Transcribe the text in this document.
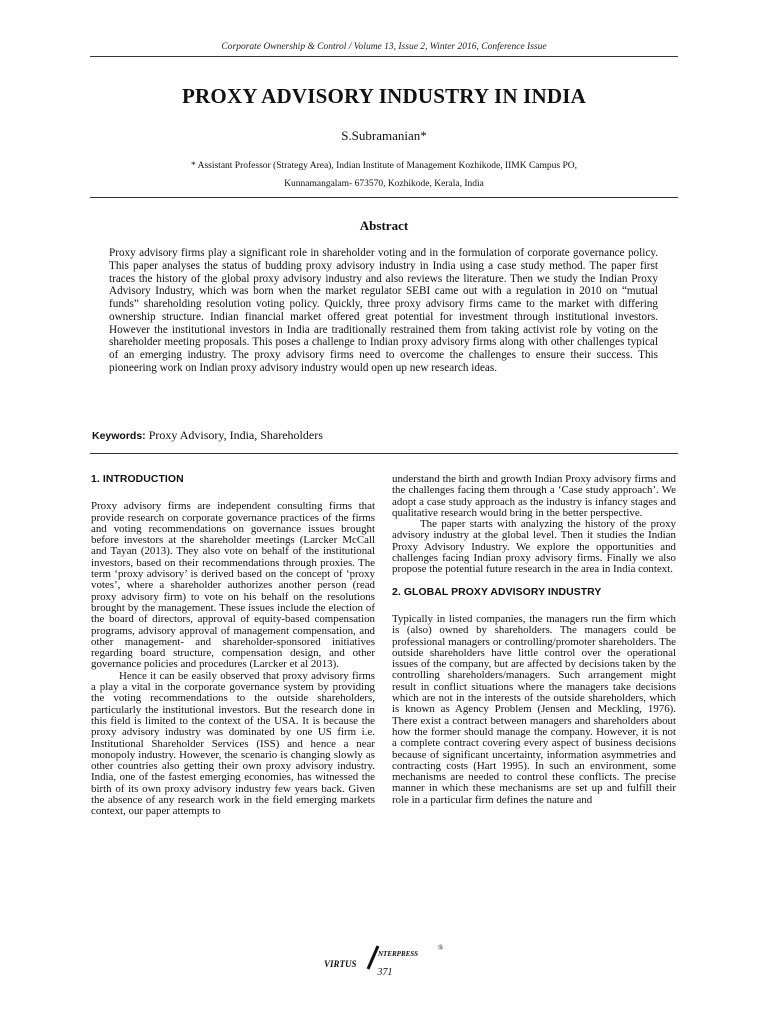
Corporate Ownership & Control / Volume 13, Issue 2, Winter 2016, Conference Issue
PROXY ADVISORY INDUSTRY IN INDIA
S.Subramanian*
* Assistant Professor (Strategy Area), Indian Institute of Management Kozhikode, IIMK Campus PO,
Kunnamangalam- 673570, Kozhikode, Kerala, India
Abstract

Proxy advisory firms play a significant role in shareholder voting and in the formulation of corporate governance policy. This paper analyses the status of budding proxy advisory industry in India using a case study method. The paper first traces the history of the global proxy advisory industry and also reviews the literature. Then we study the Indian Proxy Advisory Industry, which was born when the market regulator SEBI came out with a regulation in 2010 on “mutual funds” shareholding resolution voting policy. Quickly, three proxy advisory firms came to the market with differing ownership structure. Indian financial market offered great potential for investment through institutional investors. However the institutional investors in India are traditionally restrained them from taking activist role by voting on the shareholder meeting proposals. This poses a challenge to Indian proxy advisory firms along with other challenges typical of an emerging industry. The proxy advisory firms need to overcome the challenges to ensure their success. This pioneering work on Indian proxy advisory industry would open up new research ideas.

Keywords: Proxy Advisory, India, Shareholders
1. INTRODUCTION

Proxy advisory firms are independent consulting firms that provide research on corporate governance practices of the firms and voting recommendations on governance issues brought before investors at the shareholder meetings (Larcker McCall and Tayan (2013). They also vote on behalf of the institutional investors, based on their recommendations through proxies. The term ‘proxy advisory’ is derived based on the concept of ‘proxy votes’, where a shareholder authorizes another person (read proxy advisory firm) to vote on his behalf on the resolutions brought by the management. These issues include the election of the board of directors, approval of equity-based compensation programs, advisory approval of management compensation, and other management- and shareholder-sponsored initiatives regarding board structure, compensation design, and other governance policies and procedures (Larcker et al 2013).

Hence it can be easily observed that proxy advisory firms a play a vital in the corporate governance system by providing the voting recommendations to the outside shareholders, particularly the institutional investors. But the research done in this field is limited to the context of the USA. It is because the proxy advisory industry was dominated by one US firm i.e. Institutional Shareholder Services (ISS) and hence a near monopoly industry. However, the scenario is changing slowly as other countries also getting their own proxy advisory industry. India, one of the fastest emerging economies, has witnessed the birth of its own proxy advisory industry few years back. Given the absence of any research work in the field emerging markets context, our paper attempts to

understand the birth and growth Indian Proxy advisory firms and the challenges facing them through a ‘Case study approach’. We adopt a case study approach as the industry is infancy stages and qualitative research would bring in the better perspective.

The paper starts with analyzing the history of the proxy advisory industry at the global level. Then it studies the Indian Proxy Advisory Industry. We explore the opportunities and challenges facing Indian proxy advisory firms. Finally we also propose the potential future research in the area in India context.

2. GLOBAL PROXY ADVISORY INDUSTRY

Typically in listed companies, the managers run the firm which is (also) owned by shareholders. The managers could be professional managers or controlling/promoter shareholders. The outside shareholders have little control over the operational issues of the company, but are affected by decisions taken by the controlling shareholders/managers. Such arrangement might result in conflict situations where the managers take decisions which are not in the interests of the outside shareholders, which is known as Agency Problem (Jensen and Meckling, 1976). There exist a contract between managers and shareholders about how the former should manage the company. However, it is not a complete contract covering every aspect of business decisions because of significant uncertainty, information asymmetries and contracting costs (Hart 1995). In such an environment, some mechanisms are needed to control these conflicts. The precise manner in which these mechanisms are set up and fulfill their role in a particular firm defines the nature and

VIRTUS
NTERPRESS
®
371
